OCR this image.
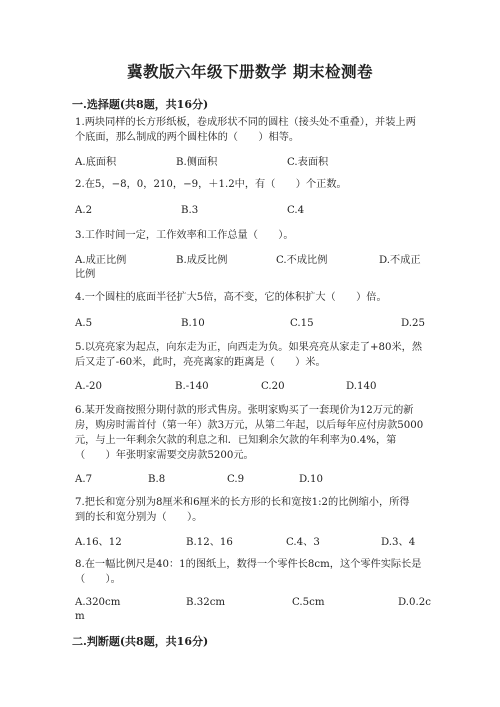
冀教版六年级下册数学 期末检测卷
一.选择题(共8题，共16分)
1.两块同样的长方形纸板，卷成形状不同的圆柱（接头处不重叠），并装上两
个底面，那么制成的两个圆柱体的（　　）相等。
A.底面积	B.侧面积	C.表面积
2.在5，−8，0，210，−9，＋1.2中，有（　　）个正数。
A.2	B.3	C.4
3.工作时间一定，工作效率和工作总量（　　）。
A.成正比例	B.成反比例	C.不成比例	D.不成正
比例
4.一个圆柱的底面半径扩大5倍，高不变，它的体积扩大（　　）倍。
A.5	B.10	C.15	D.25
5.以亮亮家为起点，向东走为正，向西走为负。如果亮亮从家走了+80米，然
后又走了-60米，此时，亮亮离家的距离是（　　）米。
A.-20	B.-140	C.20	D.140
6.某开发商按照分期付款的形式售房。张明家购买了一套现价为12万元的新
房，购房时需首付（第一年）款3万元，从第二年起，以后每年应付房款5000
元，与上一年剩余欠款的利息之和．已知剩余欠款的年利率为0.4%，第
（　　）年张明家需要交房款5200元。
A.7	B.8	C.9	D.10
7.把长和宽分别为8厘米和6厘米的长方形的长和宽按1:2的比例缩小，所得
到的长和宽分别为（　　）。
A.16、12	B.12、16	C.4、3	D.3、4
8.在一幅比例尺是40：1的图纸上，数得一个零件长8cm，这个零件实际长是
（　　）。
A.320cm	B.32cm	C.5cm	D.0.2c
m
二.判断题(共8题，共16分)
